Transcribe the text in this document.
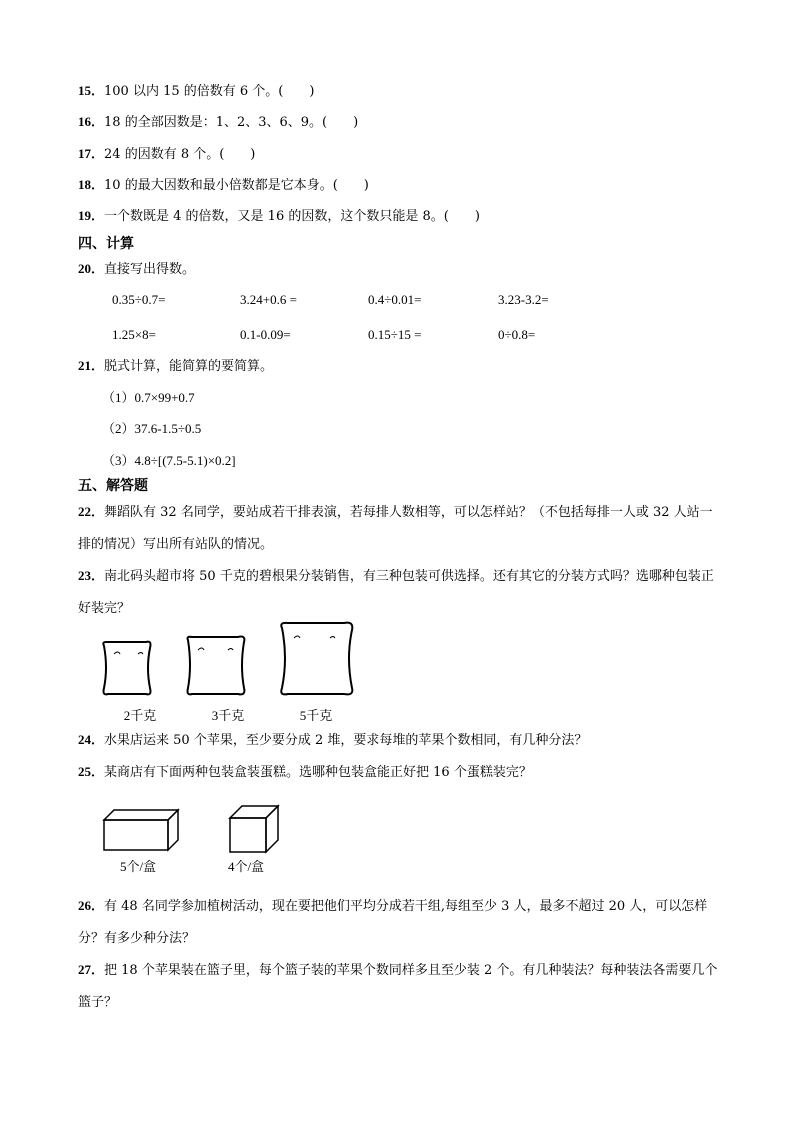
15．100 以内 15 的倍数有 6 个。(　　)
16．18 的全部因数是：1、2、3、6、9。(　　)
17．24 的因数有 8 个。(　　)
18．10 的最大因数和最小倍数都是它本身。(　　)
19．一个数既是 4 的倍数，又是 16 的因数，这个数只能是 8。(　　)
四、计算
20．直接写出得数。
0.35÷0.7=	3.24+0.6 =	0.4÷0.01=	3.23-3.2=
1.25×8=	0.1-0.09=	0.15÷15 =	0÷0.8=
21．脱式计算，能简算的要简算。
（1）0.7×99+0.7
（2）37.6-1.5÷0.5
（3）4.8÷[(7.5-5.1)×0.2]
五、解答题
22．舞蹈队有 32 名同学，要站成若干排表演，若每排人数相等，可以怎样站？（不包括每排一人或 32 人站一排的情况）写出所有站队的情况。
23．南北码头超市将 50 千克的碧根果分装销售，有三种包装可供选择。还有其它的分装方式吗？选哪种包装正好装完？
2千克	3千克	5千克
24．水果店运来 50 个苹果，至少要分成 2 堆，要求每堆的苹果个数相同，有几种分法？
25．某商店有下面两种包装盒装蛋糕。选哪种包装盒能正好把 16 个蛋糕装完？
5个/盒	4个/盒
26．有 48 名同学参加植树活动，现在要把他们平均分成若干组,每组至少 3 人，最多不超过 20 人，可以怎样分？有多少种分法？
27．把 18 个苹果装在篮子里，每个篮子装的苹果个数同样多且至少装 2 个。有几种装法？每种装法各需要几个篮子？
